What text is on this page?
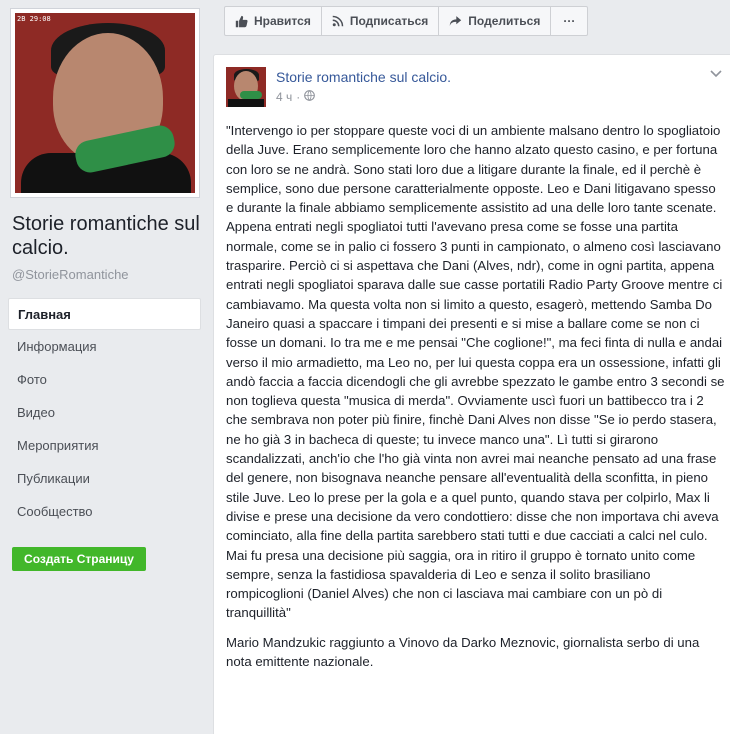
2B 29:08
Storie romantiche sul calcio.
@StorieRomantiche
Главная
Информация
Фото
Видео
Мероприятия
Публикации
Сообщество
Создать Страницу
Нравится	Подписаться	Поделиться ···
Storie romantiche sul calcio.
4 ч ·

"Intervengo io per stoppare queste voci di un ambiente malsano dentro lo spogliatoio della Juve. Erano semplicemente loro che hanno alzato questo casino, e per fortuna con loro se ne andrà. Sono stati loro due a litigare durante la finale, ed il perchè è semplice, sono due persone caratterialmente opposte. Leo e Dani litigavano spesso e durante la finale abbiamo semplicemente assistito ad una delle loro tante scenate. Appena entrati negli spogliatoi tutti l'avevano presa come se fosse una partita normale, come se in palio ci fossero 3 punti in campionato, o almeno così lasciavano trasparire. Perciò ci si aspettava che Dani (Alves, ndr), come in ogni partita, appena entrati negli spogliatoi sparava dalle sue casse portatili Radio Party Groove mentre ci cambiavamo. Ma questa volta non si limito a questo, esagerò, mettendo Samba Do Janeiro quasi a spaccare i timpani dei presenti e si mise a ballare come se non ci fosse un domani. Io tra me e me pensai "Che coglione!", ma feci finta di nulla e andai verso il mio armadietto, ma Leo no, per lui questa coppa era un ossessione, infatti gli andò faccia a faccia dicendogli che gli avrebbe spezzato le gambe entro 3 secondi se non toglieva questa "musica di merda". Ovviamente uscì fuori un battibecco tra i 2 che sembrava non poter più finire, finchè Dani Alves non disse "Se io perdo stasera, ne ho già 3 in bacheca di queste; tu invece manco una". Lì tutti si girarono scandalizzati, anch'io che l'ho già vinta non avrei mai neanche pensato ad una frase del genere, non bisognava neanche pensare all'eventualità della sconfitta, in pieno stile Juve. Leo lo prese per la gola e a quel punto, quando stava per colpirlo, Max li divise e prese una decisione da vero condottiero: disse che non importava chi aveva cominciato, alla fine della partita sarebbero stati tutti e due cacciati a calci nel culo. Mai fu presa una decisione più saggia, ora in ritiro il gruppo è tornato unito come sempre, senza la fastidiosa spavalderia di Leo e senza il solito brasiliano rompicoglioni (Daniel Alves) che non ci lasciava mai cambiare con un pò di tranquillità"

Mario Mandzukic raggiunto a Vinovo da Darko Meznovic, giornalista serbo di una nota emittente nazionale.
